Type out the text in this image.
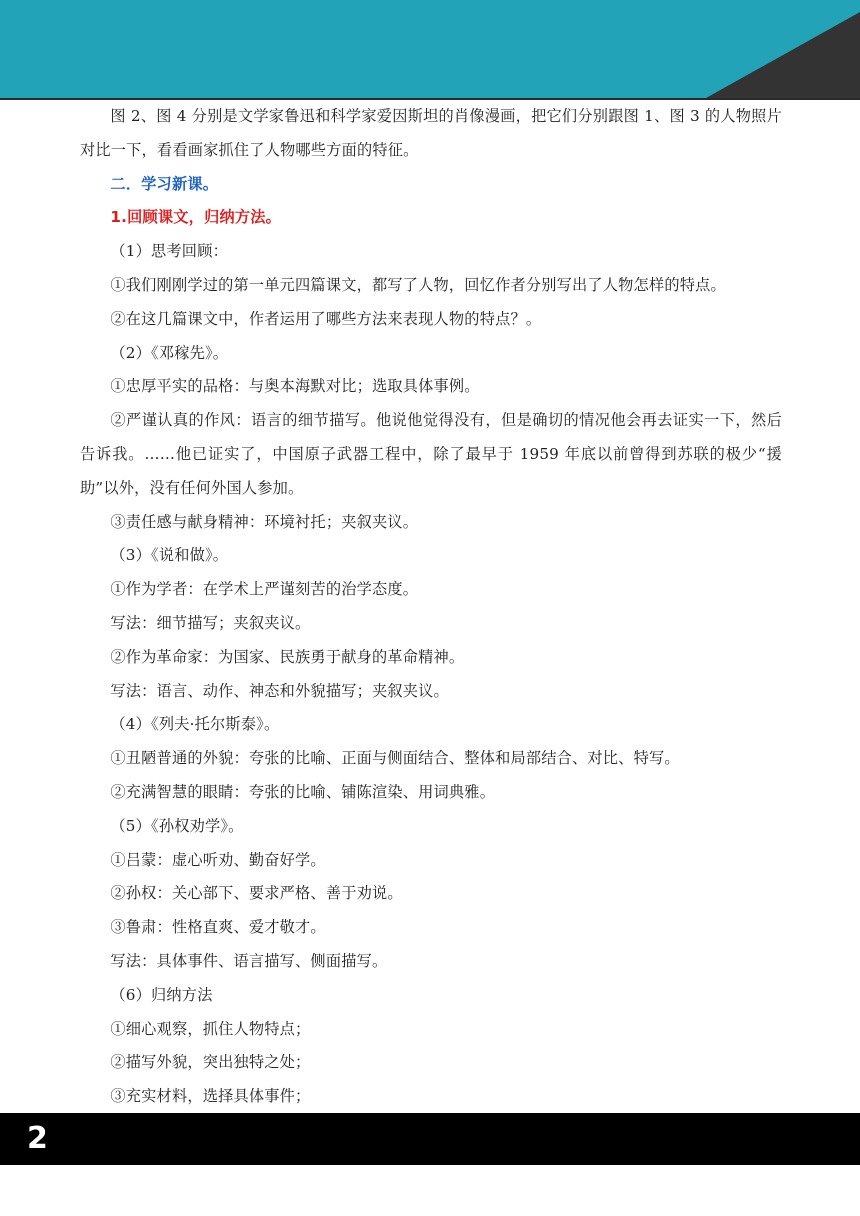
图 2、图 4 分别是文学家鲁迅和科学家爱因斯坦的肖像漫画，把它们分别跟图 1、图 3 的人物照片对比一下，看看画家抓住了人物哪些方面的特征。

二．学习新课。

1.回顾课文，归纳方法。

（1）思考回顾：

①我们刚刚学过的第一单元四篇课文，都写了人物，回忆作者分别写出了人物怎样的特点。

②在这几篇课文中，作者运用了哪些方法来表现人物的特点？。

（2）《邓稼先》。

①忠厚平实的品格：与奥本海默对比；选取具体事例。

②严谨认真的作风：语言的细节描写。他说他觉得没有，但是确切的情况他会再去证实一下，然后告诉我。……他已证实了，中国原子武器工程中，除了最早于 1959 年底以前曾得到苏联的极少“援助”以外，没有任何外国人参加。

③责任感与献身精神：环境衬托；夹叙夹议。

（3）《说和做》。

①作为学者：在学术上严谨刻苦的治学态度。

写法：细节描写；夹叙夹议。

②作为革命家：为国家、民族勇于献身的革命精神。

写法：语言、动作、神态和外貌描写；夹叙夹议。

（4）《列夫·托尔斯泰》。

①丑陋普通的外貌：夸张的比喻、正面与侧面结合、整体和局部结合、对比、特写。

②充满智慧的眼睛：夸张的比喻、铺陈渲染、用词典雅。

（5）《孙权劝学》。

①吕蒙：虚心听劝、勤奋好学。

②孙权：关心部下、要求严格、善于劝说。

③鲁肃：性格直爽、爱才敬才。

写法：具体事件、语言描写、侧面描写。

（6）归纳方法

①细心观察，抓住人物特点；

②描写外貌，突出独特之处；

③充实材料，选择具体事件；

2
